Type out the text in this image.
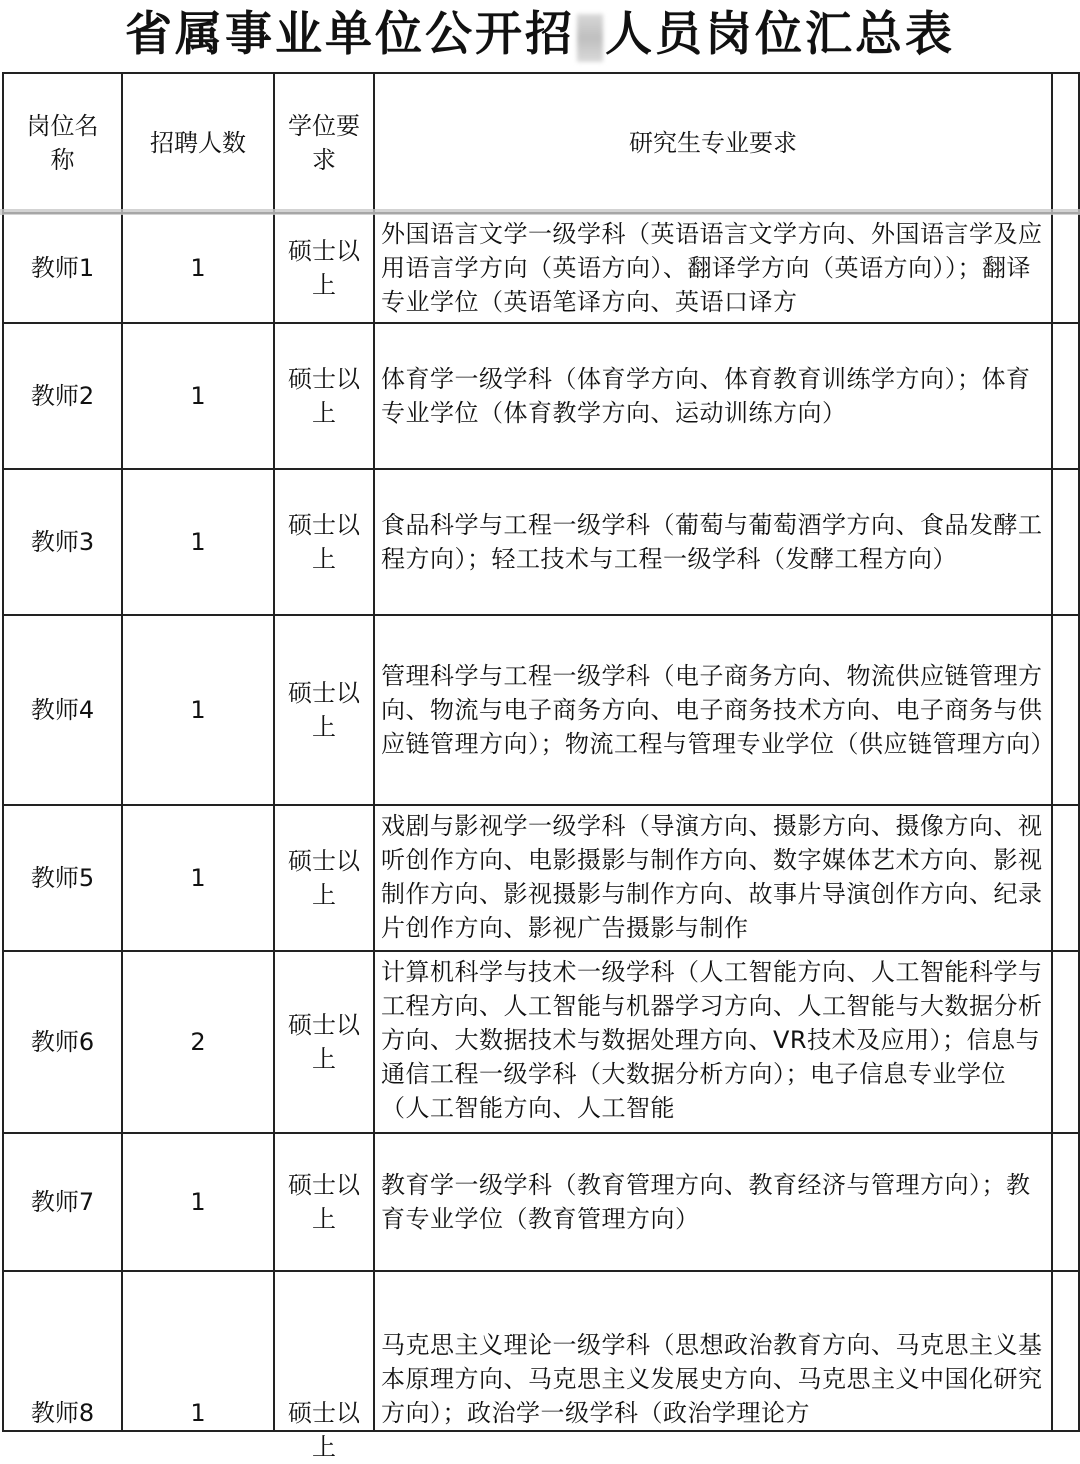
省属事业单位公开招 人员岗位汇总表
岗位名称	招聘人数	学位要求	研究生专业要求	
教师1	1	硕士以上	外国语言文学一级学科（英语语言文学方向、外国语言学及应用语言学方向（英语方向）、翻译学方向（英语方向））；翻译专业学位（英语笔译方向、英语口译方	

教师2	1	硕士以上	体育学一级学科（体育学方向、体育教育训练学方向）；体育专业学位（体育教学方向、运动训练方向）	

教师3	1	硕士以上	食品科学与工程一级学科（葡萄与葡萄酒学方向、食品发酵工程方向）；轻工技术与工程一级学科（发酵工程方向）	

教师4	1	硕士以上	管理科学与工程一级学科（电子商务方向、物流供应链管理方向、物流与电子商务方向、电子商务技术方向、电子商务与供应链管理方向）；物流工程与管理专业学位（供应链管理方向）	

教师5	1	硕士以上	戏剧与影视学一级学科（导演方向、摄影方向、摄像方向、视听创作方向、电影摄影与制作方向、数字媒体艺术方向、影视制作方向、影视摄影与制作方向、故事片导演创作方向、纪录片创作方向、影视广告摄影与制作	

教师6	2	硕士以上	计算机科学与技术一级学科（人工智能方向、人工智能科学与工程方向、人工智能与机器学习方向、人工智能与大数据分析方向、大数据技术与数据处理方向、VR技术及应用）；信息与通信工程一级学科（大数据分析方向）；电子信息专业学位（人工智能方向、人工智能	

教师7	1	硕士以上	教育学一级学科（教育管理方向、教育经济与管理方向）；教育专业学位（教育管理方向）	

教师8	1	硕士以上	马克思主义理论一级学科（思想政治教育方向、马克思主义基本原理方向、马克思主义发展史方向、马克思主义中国化研究方向）；政治学一级学科（政治学理论方	
